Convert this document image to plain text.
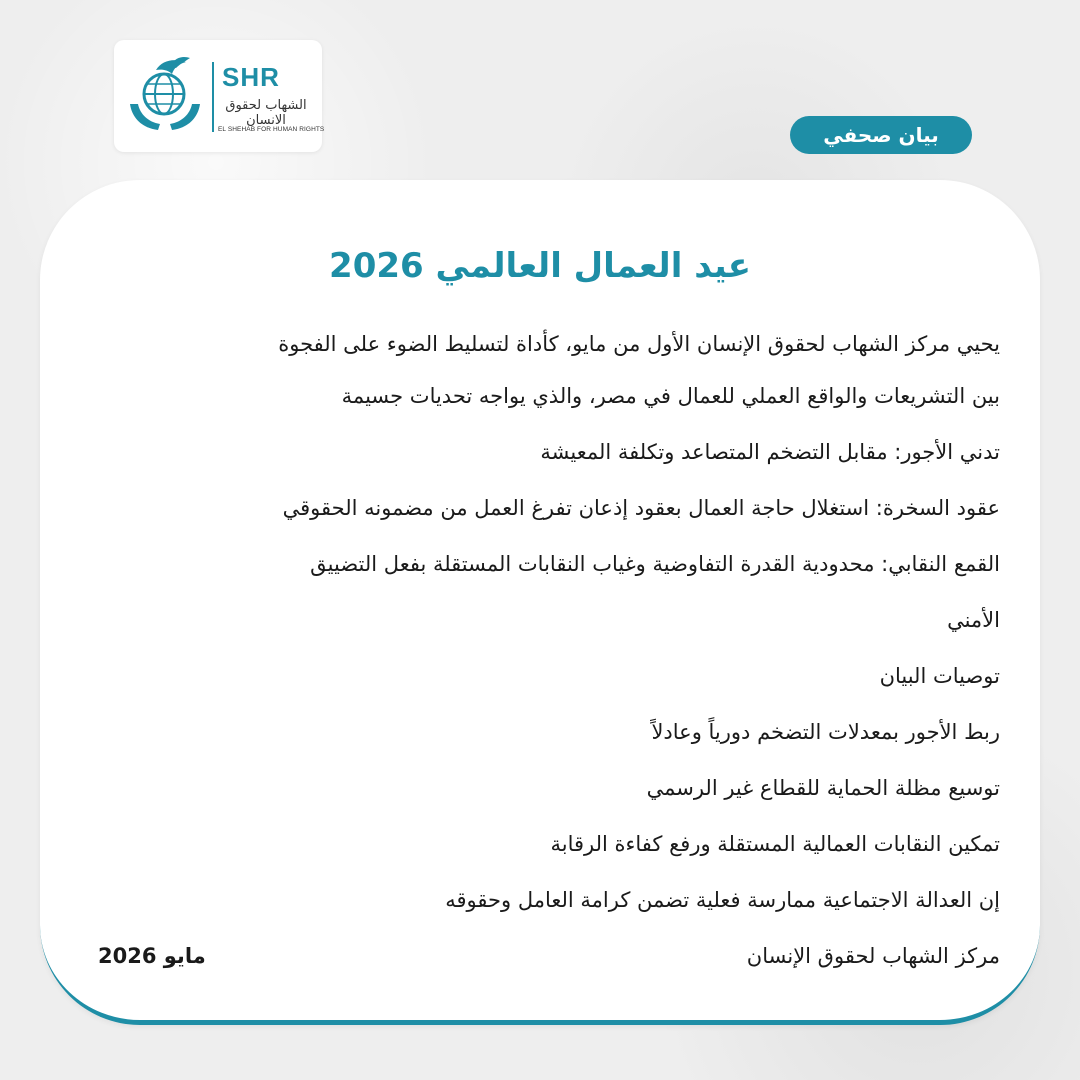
SHR
الشهاب لحقوق الانسان
EL SHEHAB FOR HUMAN RIGHTS	بيان صحفي
عيد العمال العالمي 2026

يحيي مركز الشهاب لحقوق الإنسان الأول من مايو، كأداة لتسليط الضوء على الفجوة

بين التشريعات والواقع العملي للعمال في مصر، والذي يواجه تحديات جسيمة

تدني الأجور: مقابل التضخم المتصاعد وتكلفة المعيشة

عقود السخرة: استغلال حاجة العمال بعقود إذعان تفرغ العمل من مضمونه الحقوقي

القمع النقابي: محدودية القدرة التفاوضية وغياب النقابات المستقلة بفعل التضييق

الأمني

توصيات البيان

ربط الأجور بمعدلات التضخم دورياً وعادلاً

توسيع مظلة الحماية للقطاع غير الرسمي

تمكين النقابات العمالية المستقلة ورفع كفاءة الرقابة

إن العدالة الاجتماعية ممارسة فعلية تضمن كرامة العامل وحقوقه

مركز الشهاب لحقوق الإنسان

مايو 2026
